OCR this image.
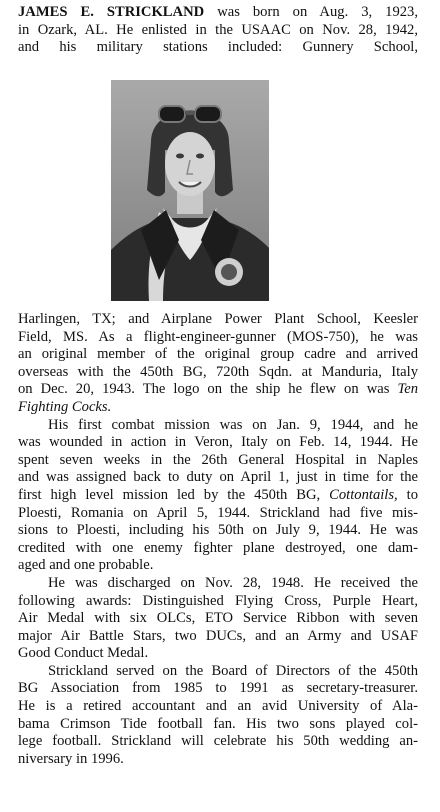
JAMES E. STRICKLAND was born on Aug. 3, 1923,
in Ozark, AL. He enlisted in the USAAC on Nov. 28, 1942,
and his military stations included: Gunnery School,
Harlingen, TX; and Airplane Power Plant School, Keesler
Field, MS. As a flight-engineer-gunner (MOS-750), he was
an original member of the original group cadre and arrived
overseas with the 450th BG, 720th Sqdn. at Manduria, Italy
on Dec. 20, 1943. The logo on the ship he flew on was Ten
Fighting Cocks.
His first combat mission was on Jan. 9, 1944, and he
was wounded in action in Veron, Italy on Feb. 14, 1944. He
spent seven weeks in the 26th General Hospital in Naples
and was assigned back to duty on April 1, just in time for the
first high level mission led by the 450th BG, Cottontails, to
Ploesti, Romania on April 5, 1944. Strickland had five mis-
sions to Ploesti, including his 50th on July 9, 1944. He was
credited with one enemy fighter plane destroyed, one dam-
aged and one probable.
He was discharged on Nov. 28, 1948. He received the
following awards: Distinguished Flying Cross, Purple Heart,
Air Medal with six OLCs, ETO Service Ribbon with seven
major Air Battle Stars, two DUCs, and an Army and USAF
Good Conduct Medal.
Strickland served on the Board of Directors of the 450th
BG Association from 1985 to 1991 as secretary-treasurer.
He is a retired accountant and an avid University of Ala-
bama Crimson Tide football fan. His two sons played col-
lege football. Strickland will celebrate his 50th wedding an-
niversary in 1996.
